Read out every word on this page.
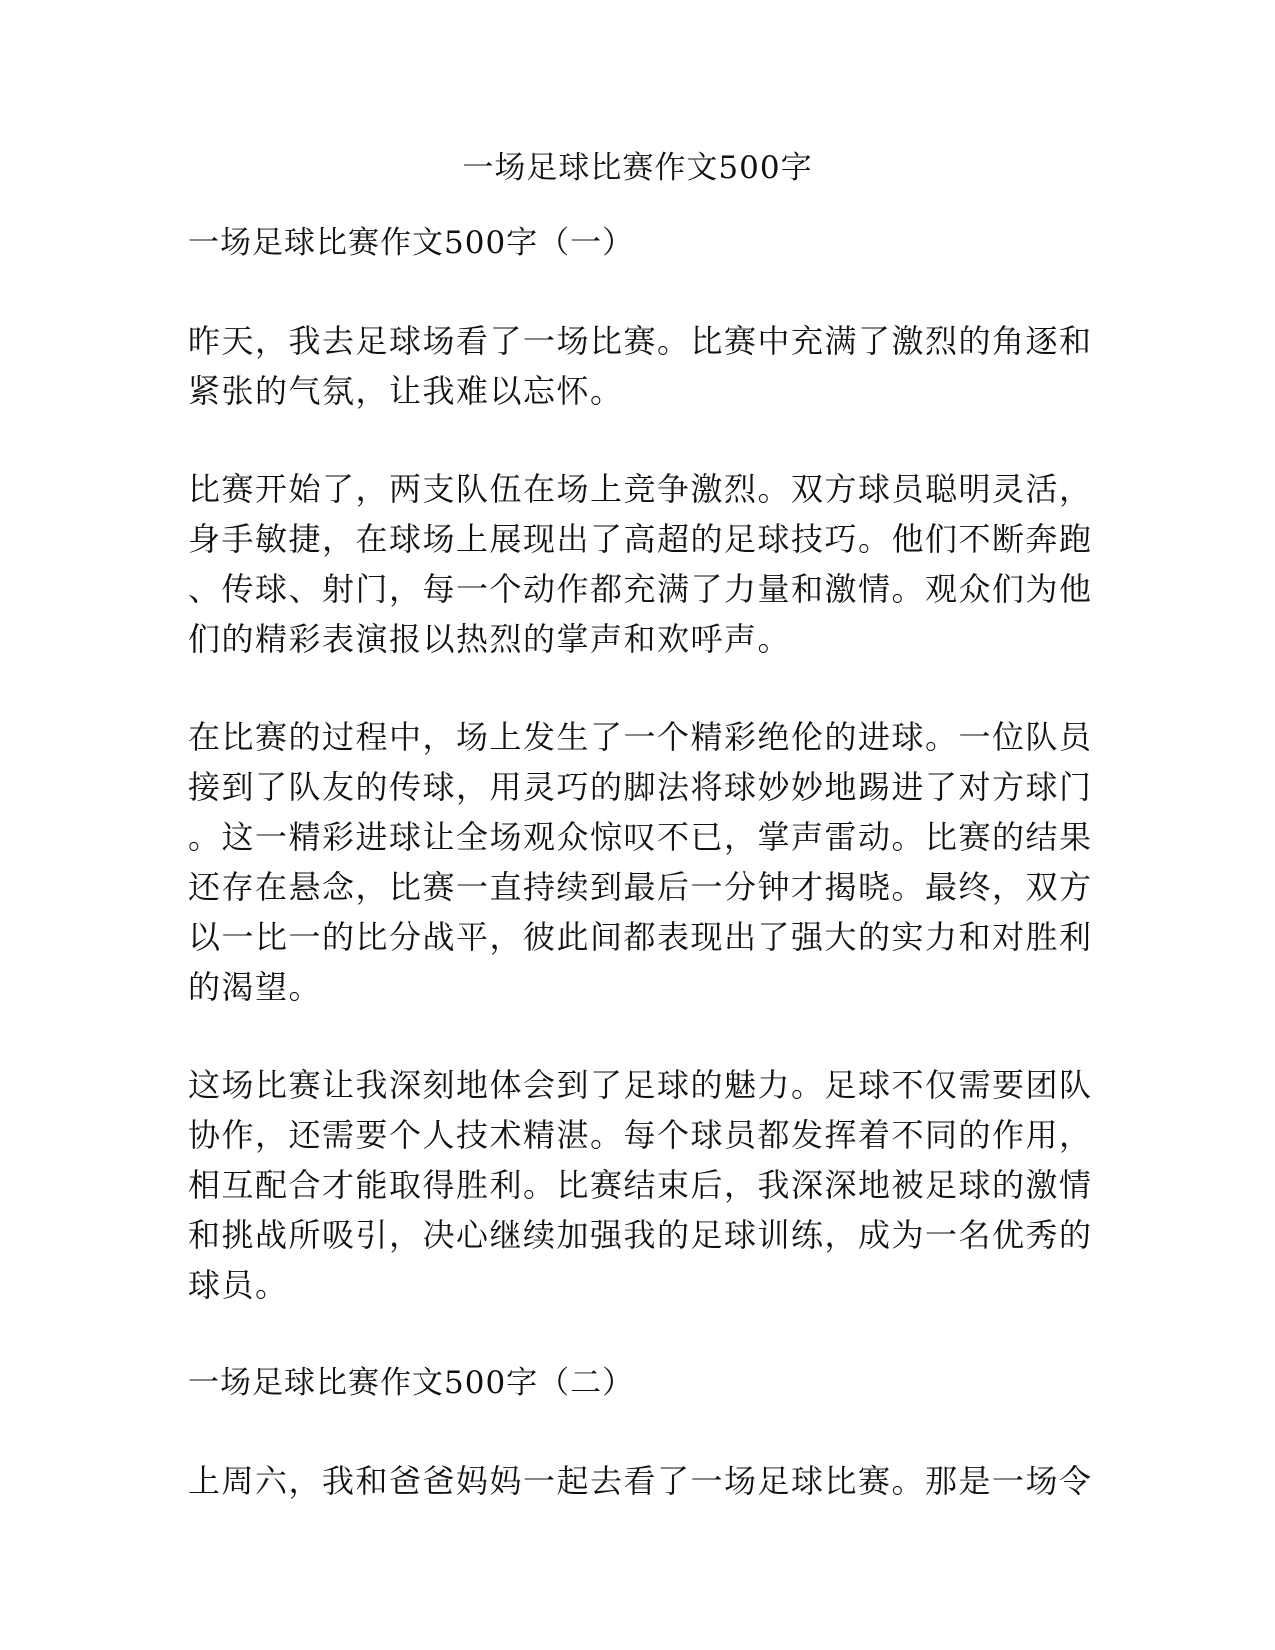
一场足球比赛作文500字
一场足球比赛作文500字（一）
昨天，我去足球场看了一场比赛。比赛中充满了激烈的角逐和
紧张的气氛，让我难以忘怀。
比赛开始了，两支队伍在场上竞争激烈。双方球员聪明灵活，
身手敏捷，在球场上展现出了高超的足球技巧。他们不断奔跑
、传球、射门，每一个动作都充满了力量和激情。观众们为他
们的精彩表演报以热烈的掌声和欢呼声。
在比赛的过程中，场上发生了一个精彩绝伦的进球。一位队员
接到了队友的传球，用灵巧的脚法将球妙妙地踢进了对方球门
。这一精彩进球让全场观众惊叹不已，掌声雷动。比赛的结果
还存在悬念，比赛一直持续到最后一分钟才揭晓。最终，双方
以一比一的比分战平，彼此间都表现出了强大的实力和对胜利
的渴望。
这场比赛让我深刻地体会到了足球的魅力。足球不仅需要团队
协作，还需要个人技术精湛。每个球员都发挥着不同的作用，
相互配合才能取得胜利。比赛结束后，我深深地被足球的激情
和挑战所吸引，决心继续加强我的足球训练，成为一名优秀的
球员。
一场足球比赛作文500字（二）
上周六，我和爸爸妈妈一起去看了一场足球比赛。那是一场令
